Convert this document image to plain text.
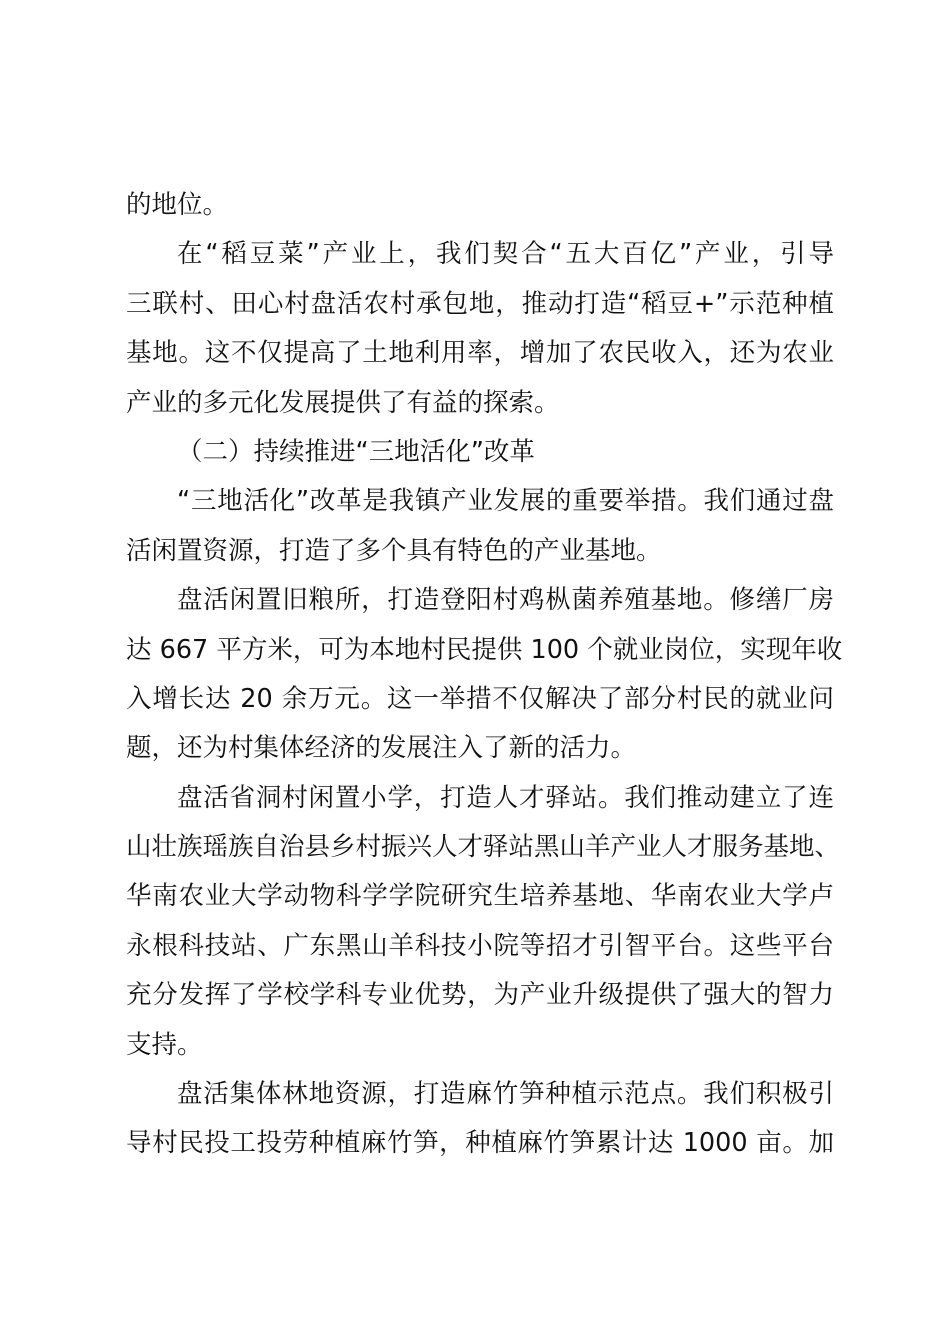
的地位。

在“稻豆菜”产业上，我们契合“五大百亿”产业，引导
三联村、田心村盘活农村承包地，推动打造“稻豆+”示范种植
基地。这不仅提高了土地利用率，增加了农民收入，还为农业
产业的多元化发展提供了有益的探索。

（二）持续推进“三地活化”改革

“三地活化”改革是我镇产业发展的重要举措。我们通过盘
活闲置资源，打造了多个具有特色的产业基地。

盘活闲置旧粮所，打造登阳村鸡枞菌养殖基地。修缮厂房
达 667 平方米，可为本地村民提供 100 个就业岗位，实现年收
入增长达 20 余万元。这一举措不仅解决了部分村民的就业问
题，还为村集体经济的发展注入了新的活力。

盘活省洞村闲置小学，打造人才驿站。我们推动建立了连
山壮族瑶族自治县乡村振兴人才驿站黑山羊产业人才服务基地、
华南农业大学动物科学学院研究生培养基地、华南农业大学卢
永根科技站、广东黑山羊科技小院等招才引智平台。这些平台
充分发挥了学校学科专业优势，为产业升级提供了强大的智力
支持。

盘活集体林地资源，打造麻竹笋种植示范点。我们积极引
导村民投工投劳种植麻竹笋，种植麻竹笋累计达 1000 亩。加
